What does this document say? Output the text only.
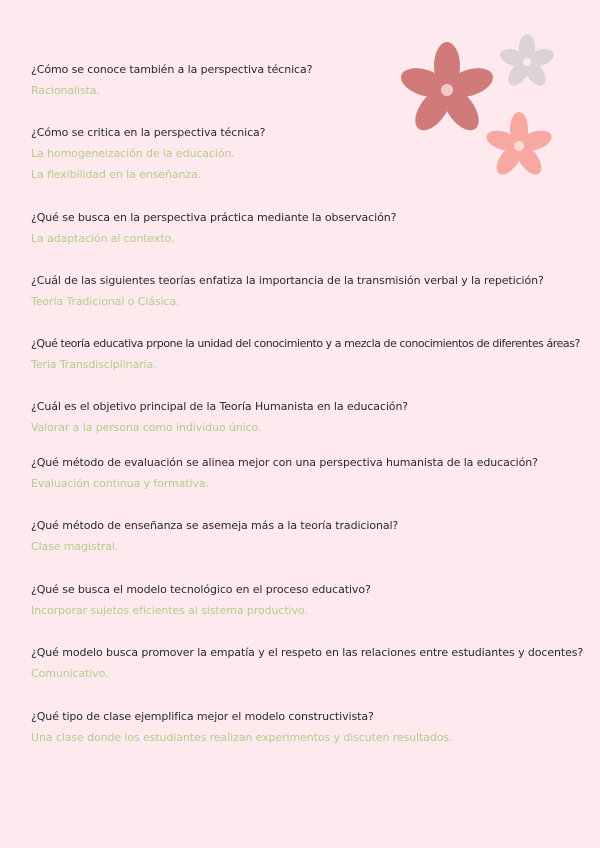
¿Cómo se conoce también a la perspectiva técnica?
Racionalista.
¿Cómo se critica en la perspectiva técnica?
La homogeneización de la educación.
La flexibilidad en la enseñanza.
¿Qué se busca en la perspectiva práctica mediante la observación?
La adaptación al contexto.
¿Cuál de las siguientes teorías enfatiza la importancia de la transmisión verbal y la repetición?
Teoría Tradicional o Clásica.
¿Qué teoría educativa prpone la unidad del conocimiento y a mezcla de conocimientos de diferentes áreas?
Teria Transdisciplinaria.
¿Cuál es el objetivo principal de la Teoría Humanista en la educación?
Valorar a la persona como individuo único.
¿Qué método de evaluación se alinea mejor con una perspectiva humanista de la educación?
Evaluación continua y formativa.
¿Qué método de enseñanza se asemeja más a la teoría tradicional?
Clase magistral.
¿Qué se busca el modelo tecnológico en el proceso educativo?
Incorporar sujetos eficientes al sistema productivo.
¿Qué modelo busca promover la empatía y el respeto en las relaciones entre estudiantes y docentes?
Comunicativo.
¿Qué tipo de clase ejemplifica mejor el modelo constructivista?
Una clase donde los estudiantes realizan experimentos y discuten resultados.
